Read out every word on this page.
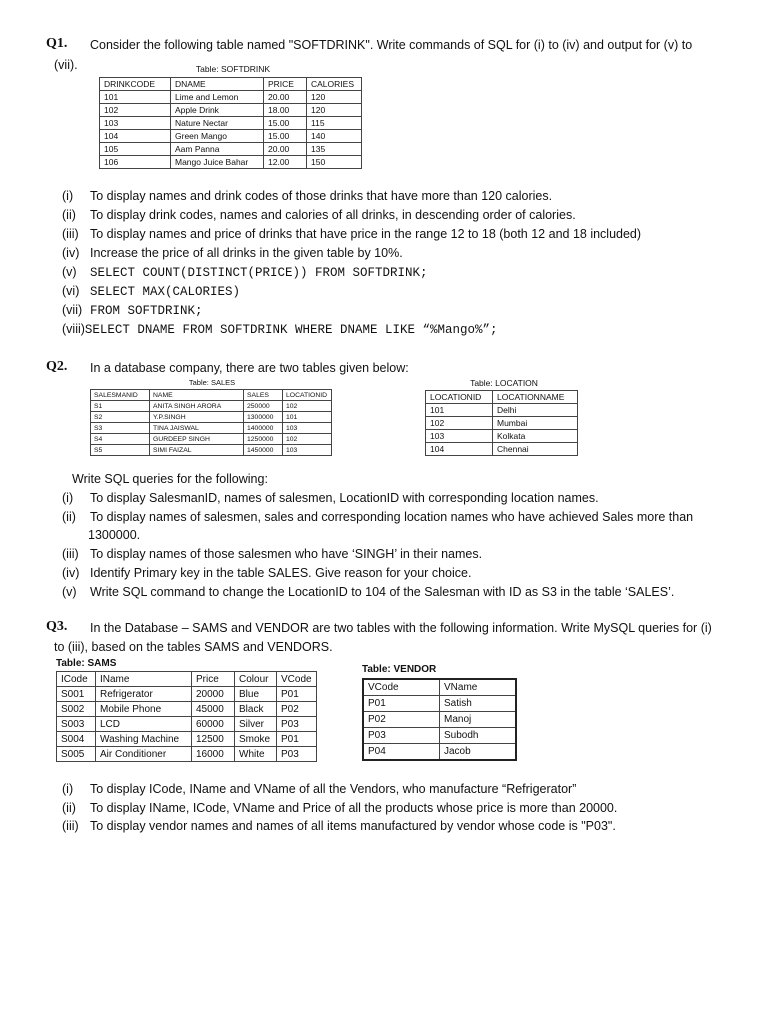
Q1. Consider the following table named "SOFTDRINK". Write commands of SQL for (i) to (iv) and output for (v) to
(vii).	Table: SOFTDRINK
DRINKCODE	DNAME	PRICE	CALORIES
101	Lime and Lemon	20.00	120
102	Apple Drink	18.00	120
103	Nature Nectar	15.00	115
104	Green Mango	15.00	140
105	Aam Panna	20.00	135
106	Mango Juice Bahar	12.00	150
(i) To display names and drink codes of those drinks that have more than 120 calories.
(ii) To display drink codes, names and calories of all drinks, in descending order of calories.
(iii) To display names and price of drinks that have price in the range 12 to 18 (both 12 and 18 included)
(iv) Increase the price of all drinks in the given table by 10%.
(v) SELECT COUNT(DISTINCT(PRICE)) FROM SOFTDRINK;
(vi) SELECT MAX(CALORIES)
(vii) FROM SOFTDRINK;
(viii)SELECT DNAME FROM SOFTDRINK WHERE DNAME LIKE “%Mango%”;
Q2. In a database company, there are two tables given below:
Table: SALES
SALESMANID	NAME	SALES	LOCATIONID
S1	ANITA SINGH ARORA	250000	102
S2	Y.P.SINGH	1300000	101
S3	TINA JAISWAL	1400000	103
S4	GURDEEP SINGH	1250000	102
S5	SIMI FAIZAL	1450000	103
Table: LOCATION
LOCATIONID	LOCATIONNAME
101	Delhi
102	Mumbai
103	Kolkata
104	Chennai
Write SQL queries for the following:
(i) To display SalesmanID, names of salesmen, LocationID with corresponding location names.
(ii) To display names of salesmen, sales and corresponding location names who have achieved Sales more than
1300000.
(iii) To display names of those salesmen who have ‘SINGH’ in their names.
(iv) Identify Primary key in the table SALES. Give reason for your choice.
(v) Write SQL command to change the LocationID to 104 of the Salesman with ID as S3 in the table ‘SALES’.
Q3. In the Database – SAMS and VENDOR are two tables with the following information. Write MySQL queries for (i)
to (iii), based on the tables SAMS and VENDORS.
Table: SAMS
ICode	IName	Price	Colour	VCode
S001	Refrigerator	20000	Blue	P01
S002	Mobile Phone	45000	Black	P02
S003	LCD	60000	Silver	P03
S004	Washing Machine	12500	Smoke	P01
S005	Air Conditioner	16000	White	P03
Table: VENDOR
VCode	VName
P01	Satish
P02	Manoj
P03	Subodh
P04	Jacob
(i) To display ICode, IName and VName of all the Vendors, who manufacture “Refrigerator”
(ii) To display IName, ICode, VName and Price of all the products whose price is more than 20000.
(iii) To display vendor names and names of all items manufactured by vendor whose code is "P03".
